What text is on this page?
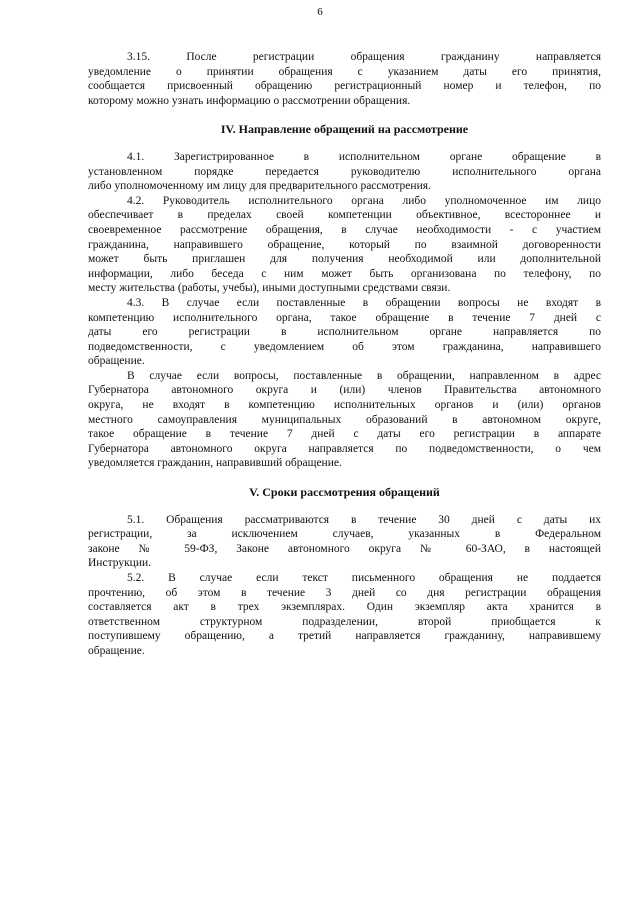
6
3.15. После регистрации обращения гражданину направляется
уведомление о принятии обращения с указанием даты его принятия,
сообщается присвоенный обращению регистрационный номер и телефон, по
которому можно узнать информацию о рассмотрении обращения.
IV. Направление обращений на рассмотрение
4.1. Зарегистрированное в исполнительном органе обращение в
установленном порядке передается руководителю исполнительного органа
либо уполномоченному им лицу для предварительного рассмотрения.
4.2. Руководитель исполнительного органа либо уполномоченное им лицо
обеспечивает в пределах своей компетенции объективное, всестороннее и
своевременное рассмотрение обращения, в случае необходимости - с участием
гражданина, направившего обращение, который по взаимной договоренности
может быть приглашен для получения необходимой или дополнительной
информации, либо беседа с ним может быть организована по телефону, по
месту жительства (работы, учебы), иными доступными средствами связи.
4.3. В случае если поставленные в обращении вопросы не входят в
компетенцию исполнительного органа, такое обращение в течение 7 дней с
даты его регистрации в исполнительном органе направляется по
подведомственности, с уведомлением об этом гражданина, направившего
обращение.
В случае если вопросы, поставленные в обращении, направленном в адрес
Губернатора автономного округа и (или) членов Правительства автономного
округа, не входят в компетенцию исполнительных органов и (или) органов
местного самоуправления муниципальных образований в автономном округе,
такое обращение в течение 7 дней с даты его регистрации в аппарате
Губернатора автономного округа направляется по подведомственности, о чем
уведомляется гражданин, направивший обращение.
V. Сроки рассмотрения обращений
5.1. Обращения рассматриваются в течение 30 дней с даты их
регистрации, за исключением случаев, указанных в Федеральном
законе № 59-ФЗ, Законе автономного округа № 60-ЗАО, в настоящей
Инструкции.
5.2. В случае если текст письменного обращения не поддается
прочтению, об этом в течение 3 дней со дня регистрации обращения
составляется акт в трех экземплярах. Один экземпляр акта хранится в
ответственном структурном подразделении, второй приобщается к
поступившему обращению, а третий направляется гражданину, направившему
обращение.
